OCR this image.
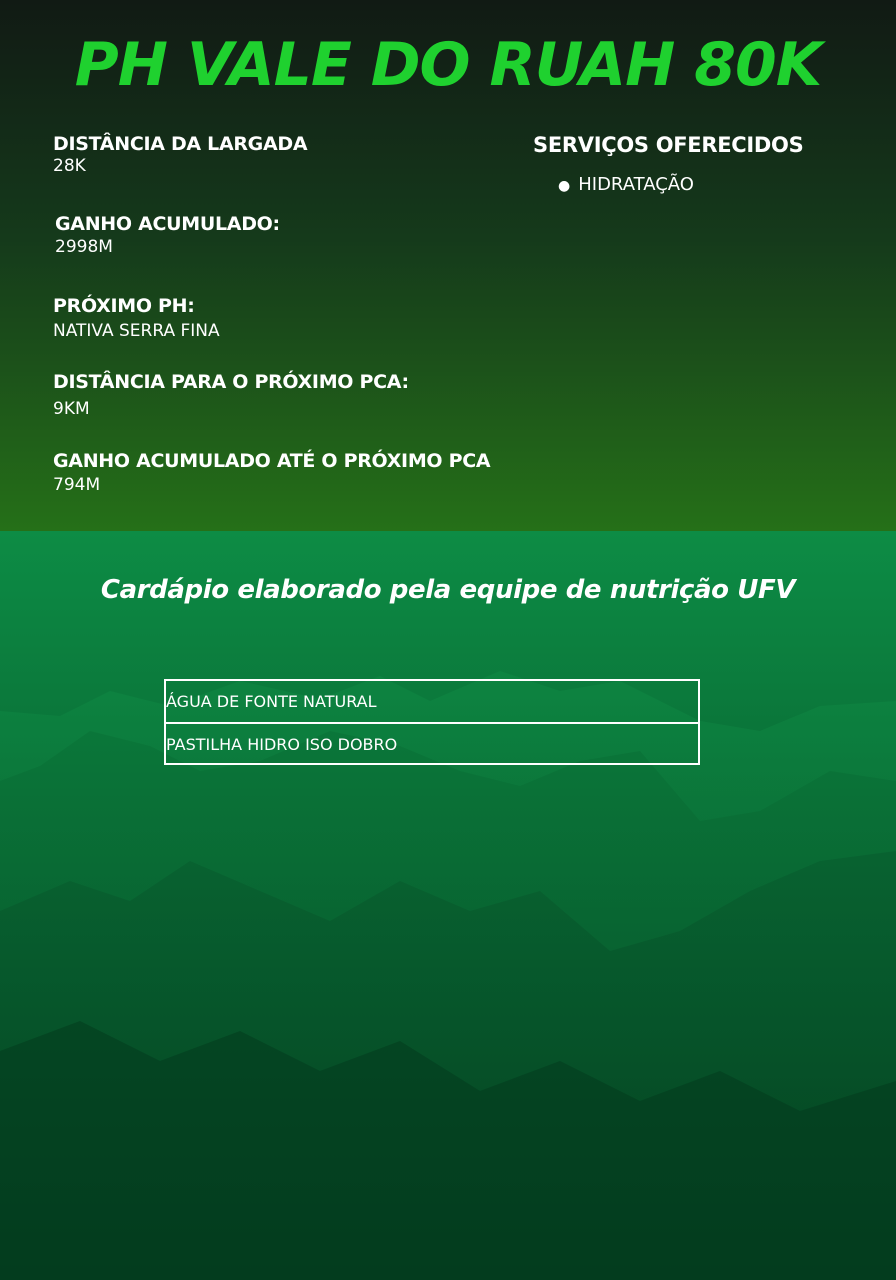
PH VALE DO RUAH 80K
DISTÂNCIA DA LARGADA
28K
GANHO ACUMULADO:
2998M
PRÓXIMO PH:
NATIVA SERRA FINA
DISTÂNCIA PARA O PRÓXIMO PCA:
9KM
GANHO ACUMULADO ATÉ O PRÓXIMO PCA
794M
SERVIÇOS OFERECIDOS
● HIDRATAÇÃO
Cardápio elaborado pela equipe de nutrição UFV
ÁGUA DE FONTE NATURAL
PASTILHA HIDRO ISO DOBRO
